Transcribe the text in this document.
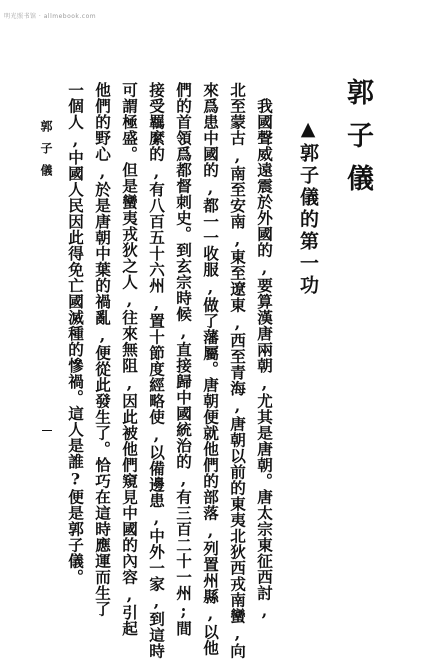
明光照书馆 · allmebook.com
郭子儀
▲郭子儀的第一功
我國聲威遠震於外國的,要算漢唐兩朝,尤其是唐朝。唐太宗東征西討,
北至蒙古,南至安南,東至遼東,西至青海,唐朝以前的東夷北狄西戎南蠻,向
來爲患中國的,都一一收服,做了藩屬。唐朝便就他們的部落,列置州縣,以他
們的首領爲都督刺史。到玄宗時候,直接歸中國統治的,有三百二十一州;間
接受羈縻的,有八百五十六州,置十節度經略使,以備邊患,中外一家,到這時
可謂極盛。但是蠻夷戎狄之人,往來無阻,因此被他們窺見中國的內容,引起
他們的野心,於是唐朝中葉的禍亂,便從此發生了。恰巧在這時應運而生了
一個人,中國人民因此得免亡國滅種的慘禍。這人是誰?便是郭子儀。
郭子儀
